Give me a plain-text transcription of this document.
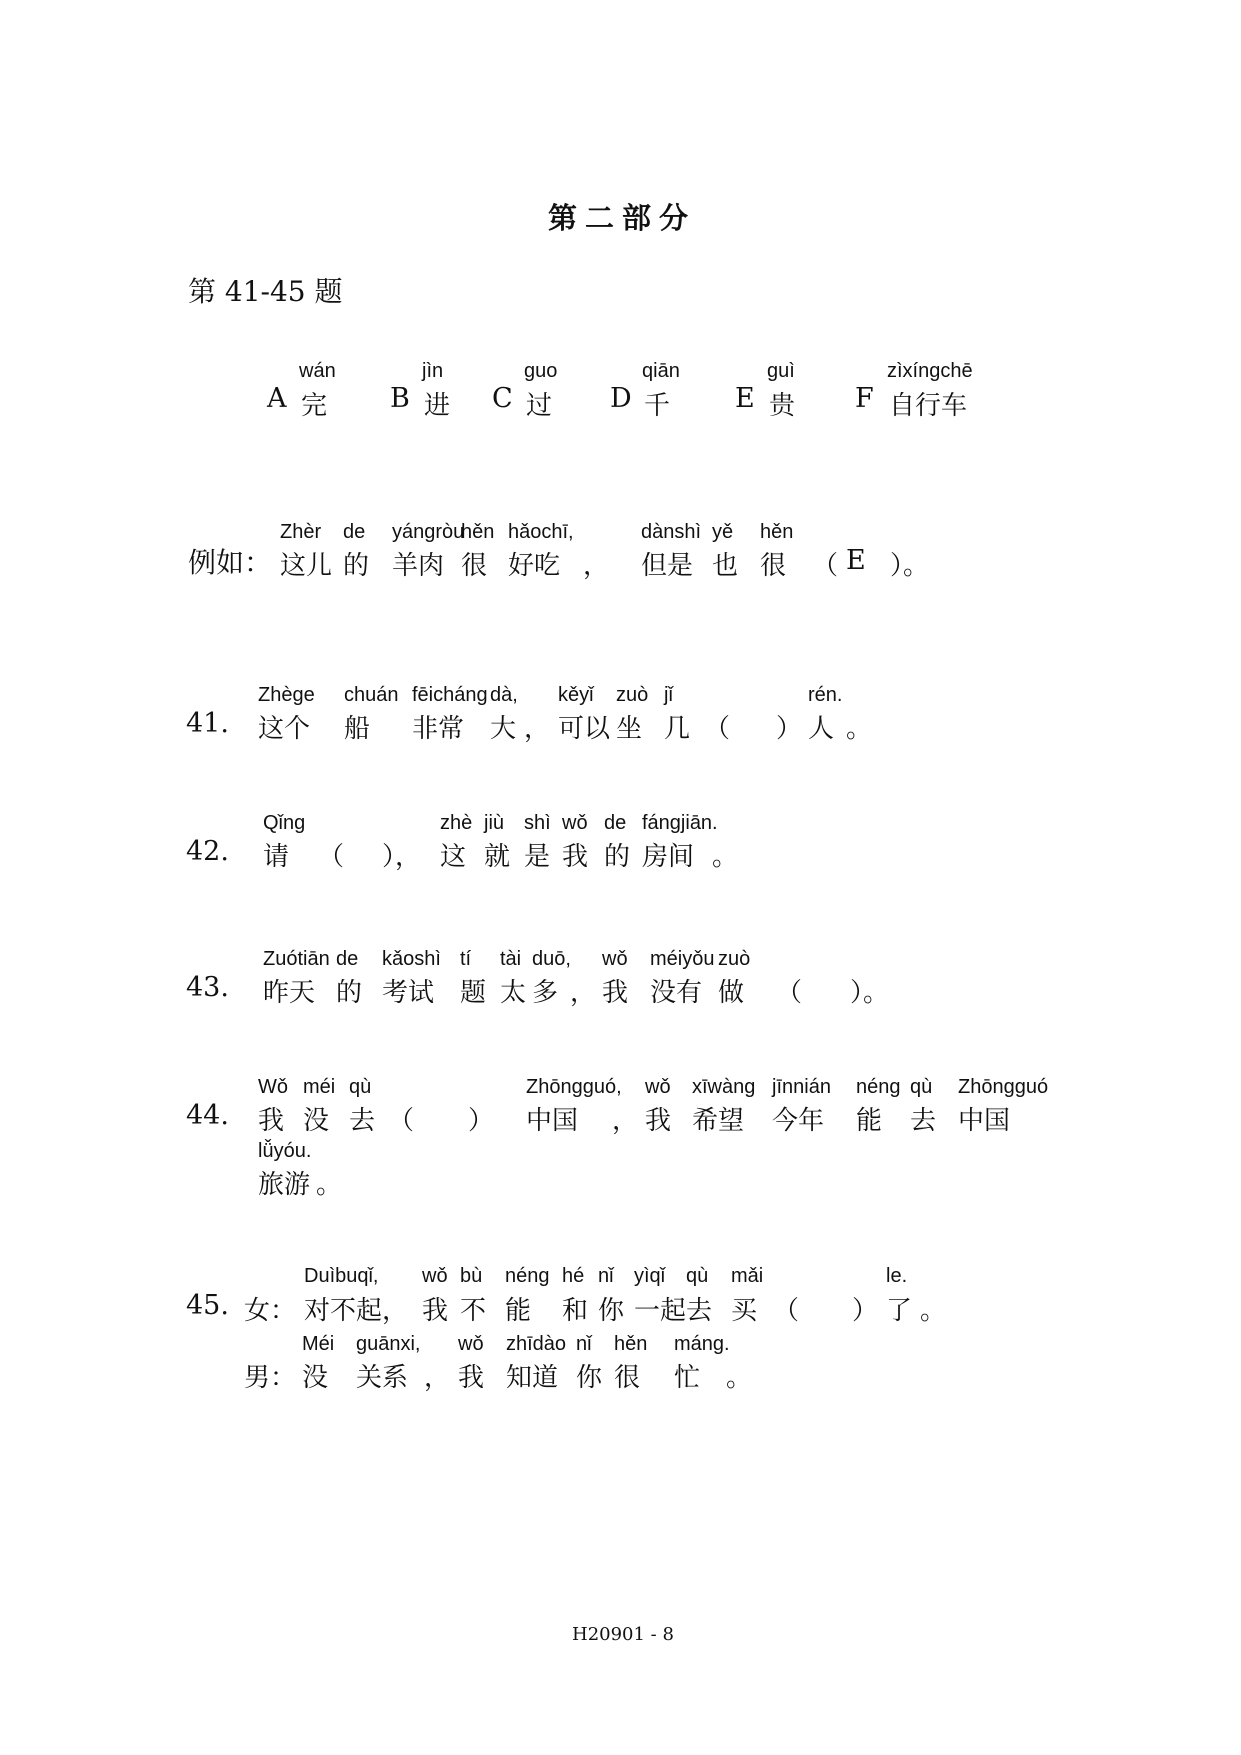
第二部分
第 41-45 题
wán
A 完
jìn
B 进
guo
C 过
qiān
D 千
guì
E 贵
zìxíngchē
F 自行车
例如：
Zhèr
这儿
de
的
yángròu
羊肉
hěn
很
hǎochī,
好吃 ，
dànshì
但是
yě
也
hěn
很 （ E ）。
41.
Zhège
这个
chuán
船
fēicháng
非常
dà,
大 ，
kěyǐ
可以
zuò
坐
jǐ
几 （ ）
rén.
人 。
42.
Qǐng
请 （ ），
zhè
这
jiù
就
shì
是
wǒ
我
de
的
fángjiān.
房间 。
43.
Zuótiān
昨天
de
的
kǎoshì
考试
tí
题
tài
太
duō,
多 ，
wǒ
我
méiyǒu
没有
zuò
做 （ ）。
44.
Wǒ
我
méi
没
qù
去 （ ）
Zhōngguó,
中国 ，
wǒ
我
xīwàng
希望
jīnnián
今年
néng
能
qù
去
Zhōngguó
中国
lǚyóu.
旅游 。
45. 女：
Duìbuqǐ,
对不起 ，
wǒ
我
bù
不
néng
能
hé
和
nǐ
你
yìqǐ
一起
qù
去
mǎi
买 （ ）
le.
了 。
男：
Méi
没
guānxi,
关系 ，
wǒ
我
zhīdào
知道
nǐ
你
hěn
很
máng.
忙 。
H20901 - 8
